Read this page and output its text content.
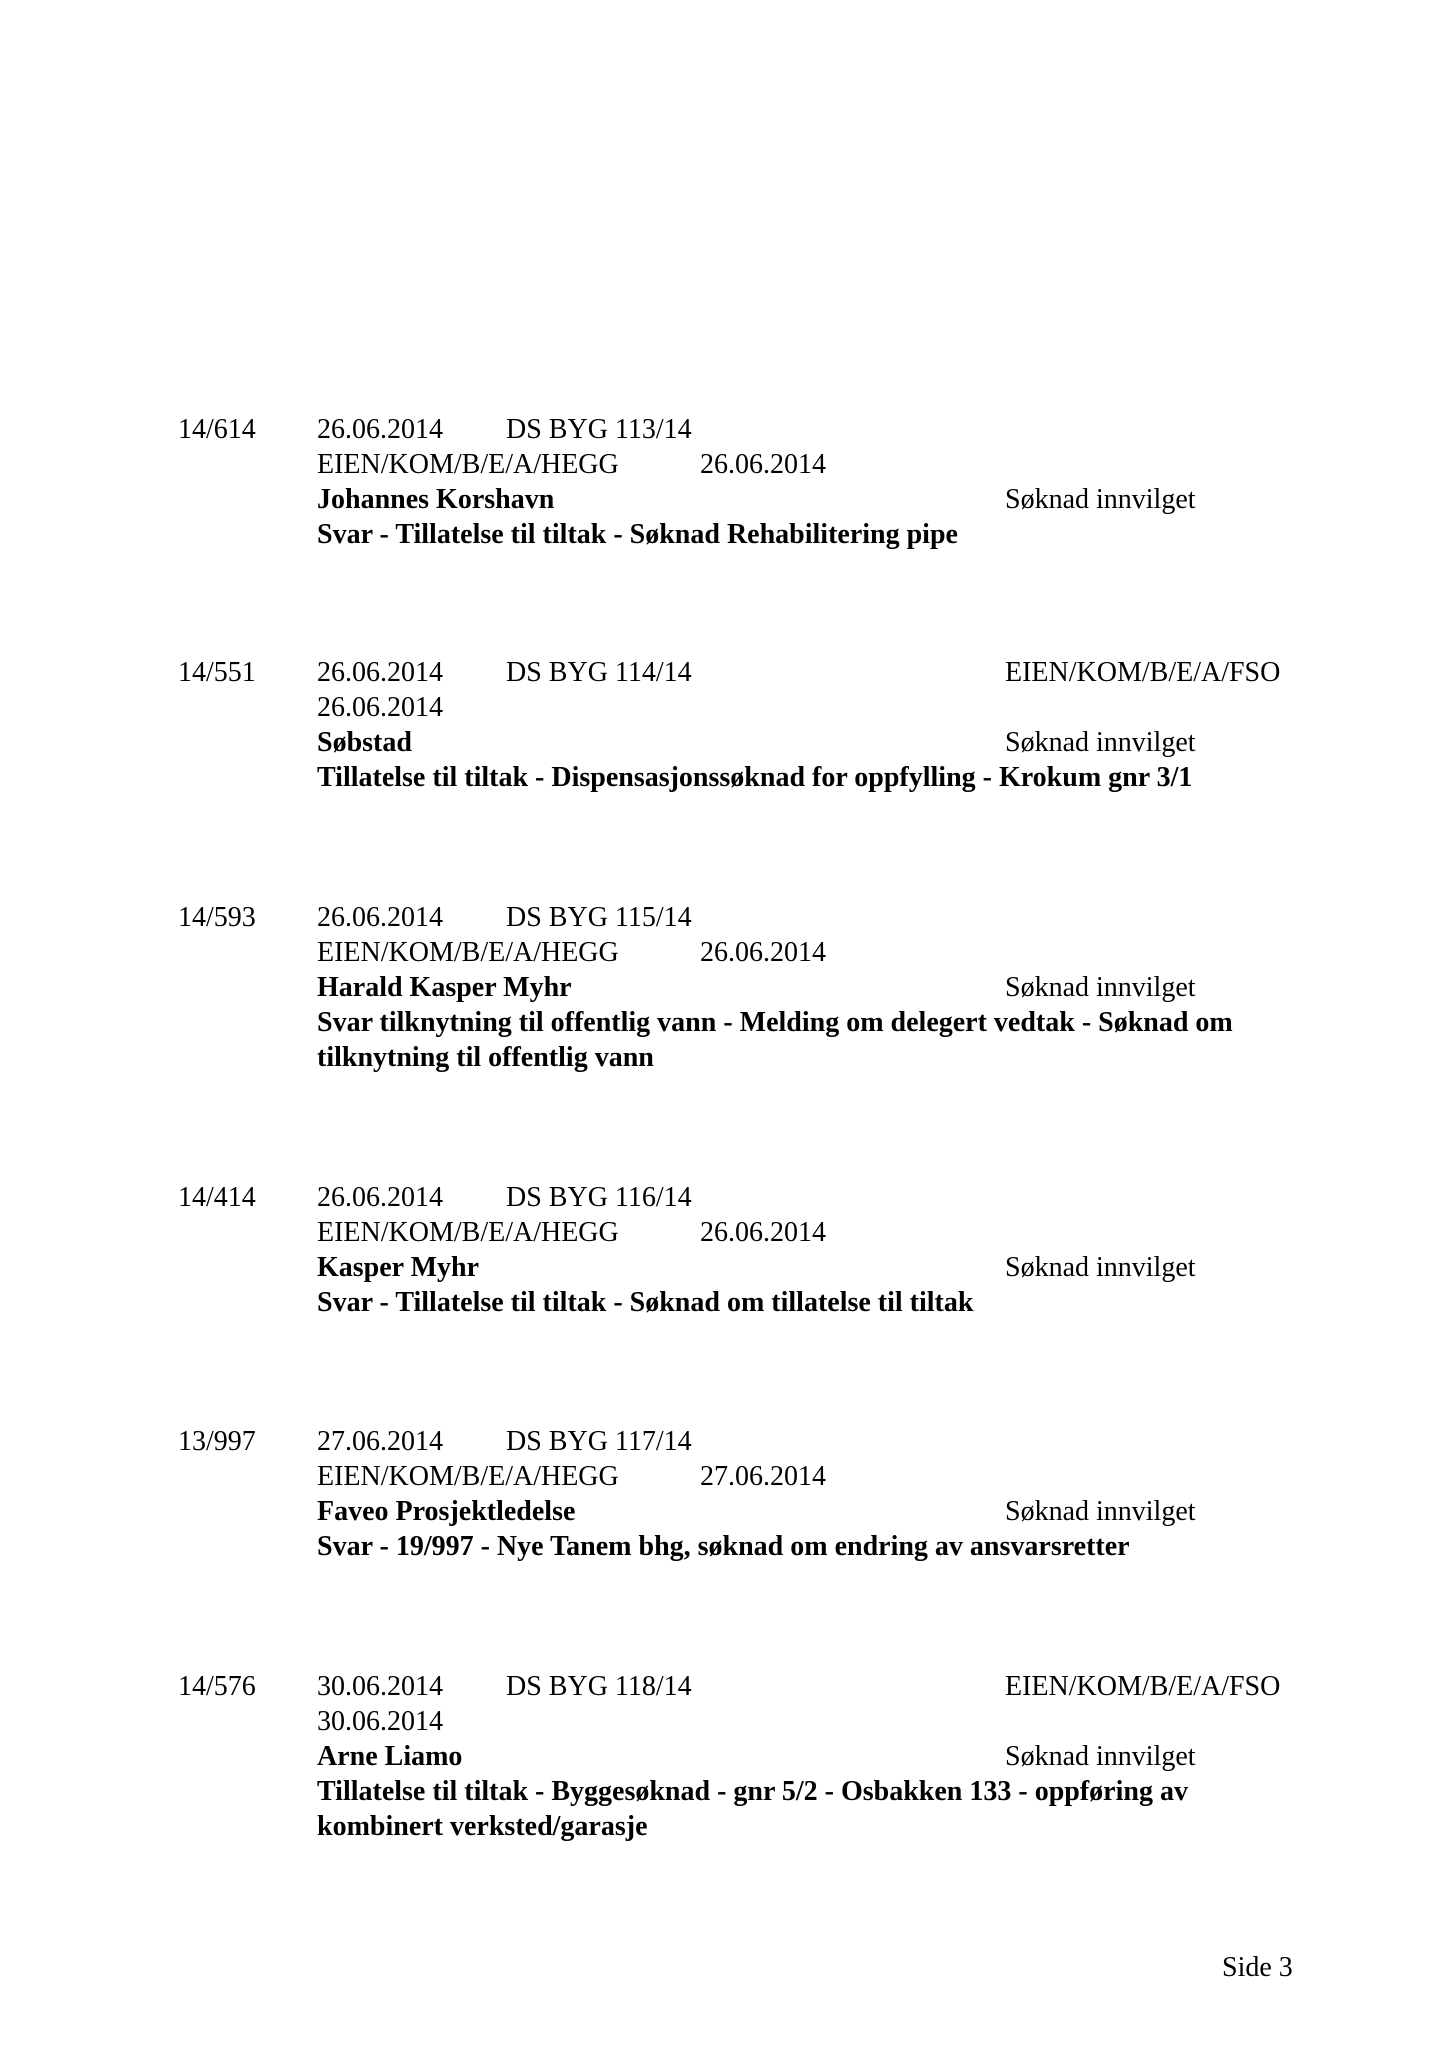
14/614 26.06.2014 DS BYG 113/14
EIEN/KOM/B/E/A/HEGG	26.06.2014
Johannes Korshavn	Søknad innvilget
Svar - Tillatelse til tiltak - Søknad Rehabilitering pipe
14/551 26.06.2014 DS BYG 114/14	EIEN/KOM/B/E/A/FSO
26.06.2014
Søbstad	Søknad innvilget
Tillatelse til tiltak - Dispensasjonssøknad for oppfylling - Krokum gnr 3/1
14/593 26.06.2014 DS BYG 115/14
EIEN/KOM/B/E/A/HEGG	26.06.2014
Harald Kasper Myhr	Søknad innvilget
Svar tilknytning til offentlig vann - Melding om delegert vedtak - Søknad om tilknytning til offentlig vann
14/414 26.06.2014 DS BYG 116/14
EIEN/KOM/B/E/A/HEGG	26.06.2014
Kasper Myhr	Søknad innvilget
Svar - Tillatelse til tiltak - Søknad om tillatelse til tiltak
13/997 27.06.2014 DS BYG 117/14
EIEN/KOM/B/E/A/HEGG	27.06.2014
Faveo Prosjektledelse	Søknad innvilget
Svar - 19/997 - Nye Tanem bhg, søknad om endring av ansvarsretter
14/576 30.06.2014 DS BYG 118/14	EIEN/KOM/B/E/A/FSO
30.06.2014
Arne Liamo	Søknad innvilget
Tillatelse til tiltak - Byggesøknad - gnr 5/2 - Osbakken 133 - oppføring av kombinert verksted/garasje
Side 3
